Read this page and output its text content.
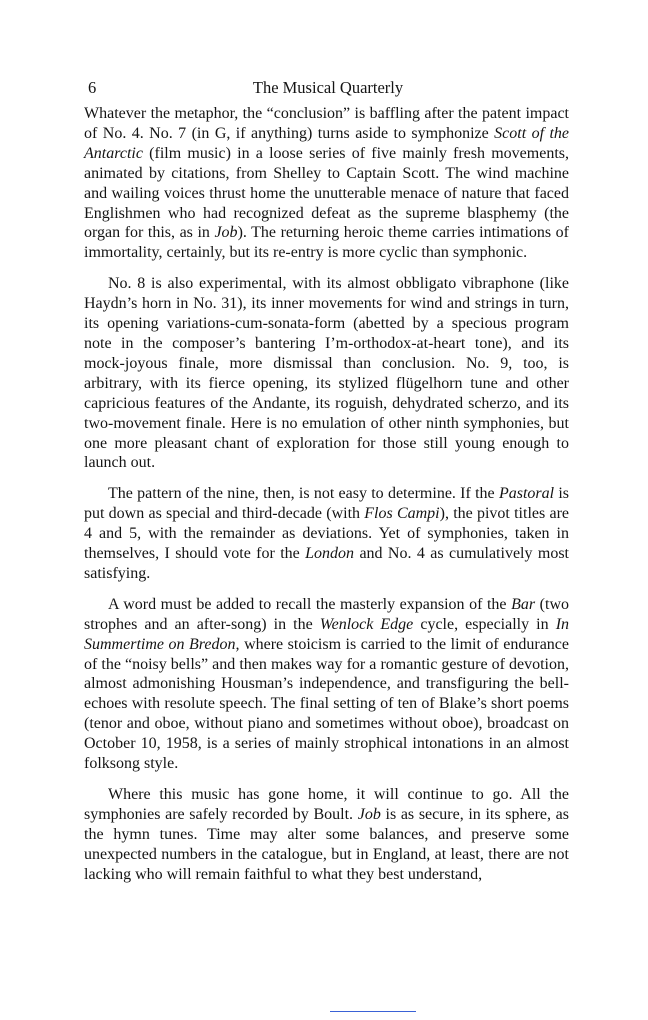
6	The Musical Quarterly

Whatever the metaphor, the “conclusion” is baffling after the patent impact of No. 4. No. 7 (in G, if anything) turns aside to symphonize Scott of the Antarctic (film music) in a loose series of five mainly fresh movements, animated by citations, from Shelley to Captain Scott. The wind machine and wailing voices thrust home the unutterable menace of nature that faced Englishmen who had recognized defeat as the supreme blasphemy (the organ for this, as in Job). The returning heroic theme carries intimations of immortality, certainly, but its re-entry is more cyclic than symphonic.

No. 8 is also experimental, with its almost obbligato vibraphone (like Haydn’s horn in No. 31), its inner movements for wind and strings in turn, its opening variations-cum-sonata-form (abetted by a specious program note in the composer’s bantering I’m-orthodox-at-heart tone), and its mock-joyous finale, more dismissal than conclusion. No. 9, too, is arbitrary, with its fierce opening, its stylized flügelhorn tune and other capricious features of the Andante, its roguish, dehydrated scherzo, and its two-movement finale. Here is no emulation of other ninth symphonies, but one more pleasant chant of exploration for those still young enough to launch out.

The pattern of the nine, then, is not easy to determine. If the Pastoral is put down as special and third-decade (with Flos Campi), the pivot titles are 4 and 5, with the remainder as deviations. Yet of symphonies, taken in themselves, I should vote for the London and No. 4 as cumulatively most satisfying.

A word must be added to recall the masterly expansion of the Bar (two strophes and an after-song) in the Wenlock Edge cycle, especially in In Summertime on Bredon, where stoicism is carried to the limit of endurance of the “noisy bells” and then makes way for a romantic gesture of devotion, almost admonishing Housman’s independence, and transfiguring the bell-echoes with resolute speech. The final setting of ten of Blake’s short poems (tenor and oboe, without piano and sometimes without oboe), broadcast on October 10, 1958, is a series of mainly strophical intonations in an almost folksong style.

Where this music has gone home, it will continue to go. All the symphonies are safely recorded by Boult. Job is as secure, in its sphere, as the hymn tunes. Time may alter some balances, and preserve some unexpected numbers in the catalogue, but in England, at least, there are not lacking who will remain faithful to what they best understand,
